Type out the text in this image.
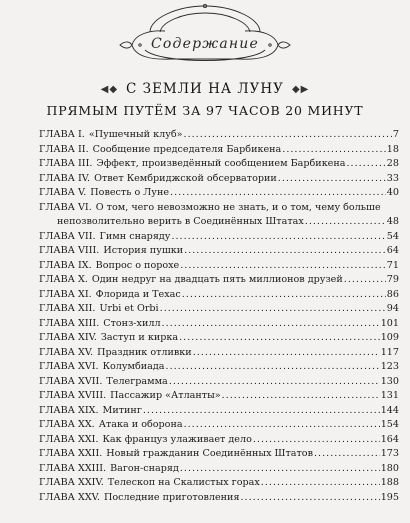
Содержание
◀◆ С ЗЕМЛИ НА ЛУНУ ◆▶
ПРЯМЫМ ПУТЁМ ЗА 97 ЧАСОВ 20 МИНУТ
ГЛАВА I. «Пушечный клуб» .....	7
ГЛАВА II. Сообщение председателя Барбикена .....	18
ГЛАВА III. Эффект, произведённый сообщением Барбикена .....	28
ГЛАВА IV. Ответ Кембриджской обсерватории .....	33
ГЛАВА V. Повесть о Луне .....	40
ГЛАВА VI. О том, чего невозможно не знать, и о том, чему больше
непозволительно верить в Соединённых Штатах .....	48
ГЛАВА VII. Гимн снаряду .....	54
ГЛАВА VIII. История пушки .....	64
ГЛАВА IX. Вопрос о порохе .....	71
ГЛАВА X. Один недруг на двадцать пять миллионов друзей .....	79
ГЛАВА XI. Флорида и Техас .....	86
ГЛАВА XII. Urbi et Orbi .....	94
ГЛАВА XIII. Стонз-хилл .....	101
ГЛАВА XIV. Заступ и кирка .....	109
ГЛАВА XV. Праздник отливки .....	117
ГЛАВА XVI. Колумбиада .....	123
ГЛАВА XVII. Телеграмма .....	130
ГЛАВА XVIII. Пассажир «Атланты» .....	131
ГЛАВА XIX. Митинг .....	144
ГЛАВА XX. Атака и оборона .....	154
ГЛАВА XXI. Как француз улаживает дело .....	164
ГЛАВА XXII. Новый гражданин Соединённых Штатов .....	173
ГЛАВА XXIII. Вагон-снаряд .....	180
ГЛАВА XXIV. Телескоп на Скалистых горах .....	188
ГЛАВА XXV. Последние приготовления .....	195
